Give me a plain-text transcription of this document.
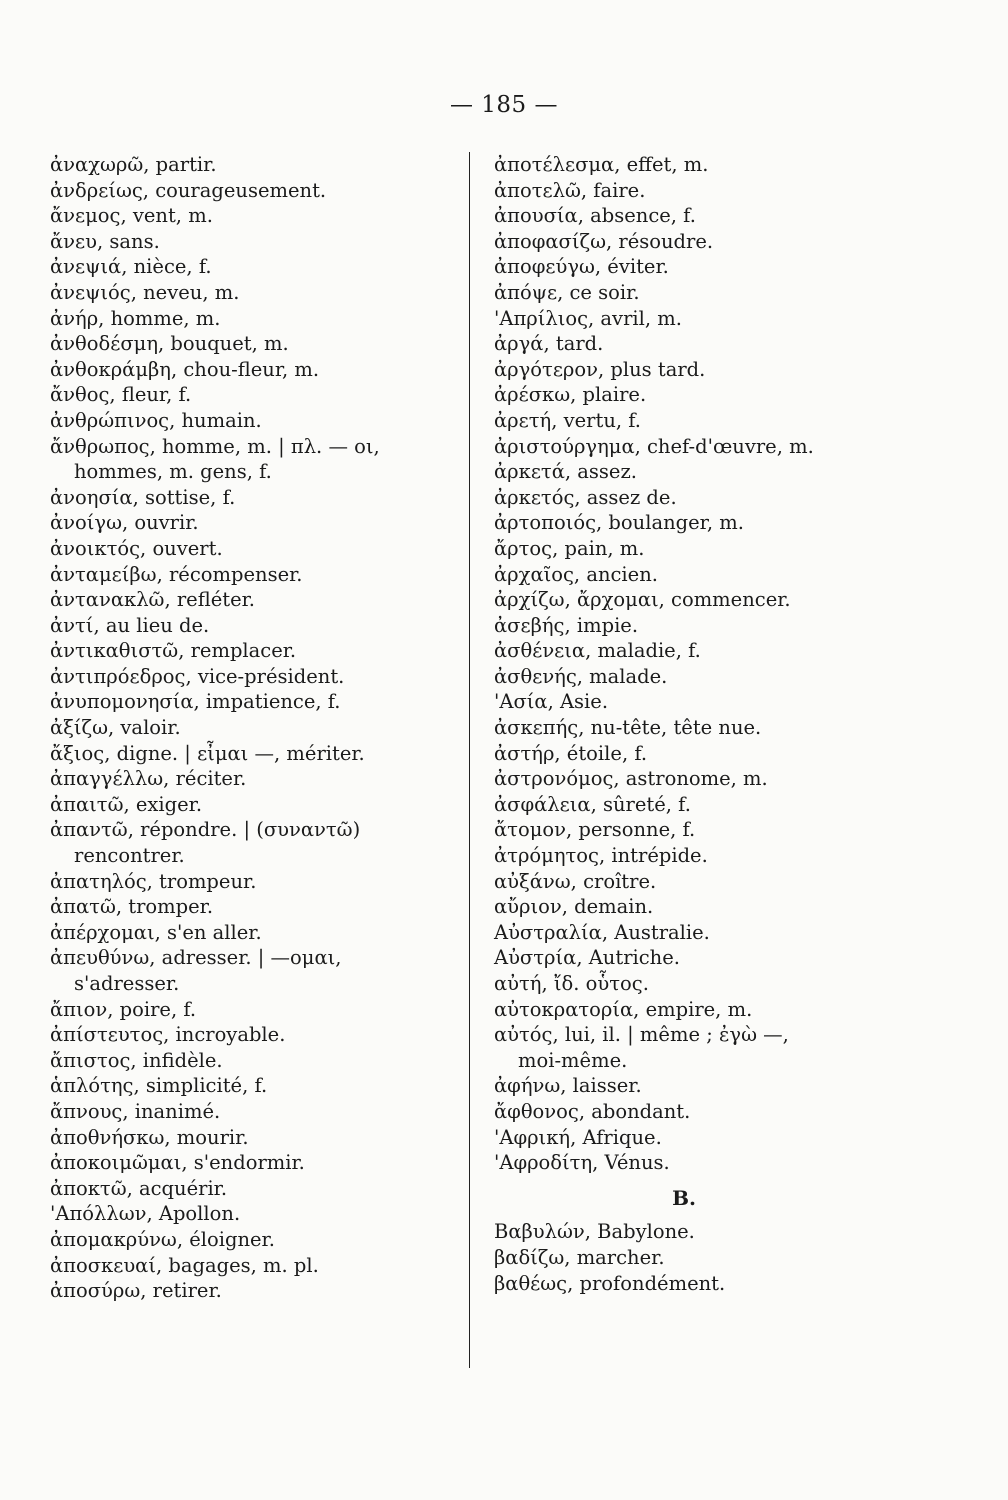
— 185 —
ἀναχωρῶ, partir.
ἀνδρείως, courageusement.
ἄνεμος, vent, m.
ἄνευ, sans.
ἀνεψιά, nièce, f.
ἀνεψιός, neveu, m.
ἀνήρ, homme, m.
ἀνθοδέσμη, bouquet, m.
ἀνθοκράμβη, chou-fleur, m.
ἄνθος, fleur, f.
ἀνθρώπινος, humain.
ἄνθρωπος, homme, m. | πλ. — οι,
hommes, m. gens, f.
ἀνοησία, sottise, f.
ἀνοίγω, ouvrir.
ἀνοικτός, ouvert.
ἀνταμείβω, récompenser.
ἀντανακλῶ, refléter.
ἀντί, au lieu de.
ἀντικαθιστῶ, remplacer.
ἀντιπρόεδρος, vice-président.
ἀνυπομονησία, impatience, f.
ἀξίζω, valoir.
ἄξιος, digne. | εἶμαι —, mériter.
ἀπαγγέλλω, réciter.
ἀπαιτῶ, exiger.
ἀπαντῶ, répondre. | (συναντῶ)
rencontrer.
ἀπατηλός, trompeur.
ἀπατῶ, tromper.
ἀπέρχομαι, s'en aller.
ἀπευθύνω, adresser. | —ομαι,
s'adresser.
ἄπιον, poire, f.
ἀπίστευτος, incroyable.
ἄπιστος, infidèle.
ἁπλότης, simplicité, f.
ἄπνους, inanimé.
ἀποθνήσκω, mourir.
ἀποκοιμῶμαι, s'endormir.
ἀποκτῶ, acquérir.
'Απόλλων, Apollon.
ἀπομακρύνω, éloigner.
ἀποσκευαί, bagages, m. pl.
ἀποσύρω, retirer.
ἀποτέλεσμα, effet, m.
ἀποτελῶ, faire.
ἀπουσία, absence, f.
ἀποφασίζω, résoudre.
ἀποφεύγω, éviter.
ἀπόψε, ce soir.
'Απρίλιος, avril, m.
ἀργά, tard.
ἀργότερον, plus tard.
ἀρέσκω, plaire.
ἀρετή, vertu, f.
ἀριστούργημα, chef-d'œuvre, m.
ἀρκετά, assez.
ἀρκετός, assez de.
ἀρτοποιός, boulanger, m.
ἄρτος, pain, m.
ἀρχαῖος, ancien.
ἀρχίζω, ἄρχομαι, commencer.
ἀσεβής, impie.
ἀσθένεια, maladie, f.
ἀσθενής, malade.
'Ασία, Asie.
ἀσκεπής, nu-tête, tête nue.
ἀστήρ, étoile, f.
ἀστρονόμος, astronome, m.
ἀσφάλεια, sûreté, f.
ἄτομον, personne, f.
ἀτρόμητος, intrépide.
αὐξάνω, croître.
αὔριον, demain.
Αὐστραλία, Australie.
Αὐστρία, Autriche.
αὐτή, ἴδ. οὗτος.
αὐτοκρατορία, empire, m.
αὐτός, lui, il. | même ; ἐγὼ —,
moi-même.
ἀφήνω, laisser.
ἄφθονος, abondant.
'Αφρική, Afrique.
'Αφροδίτη, Vénus.
B.
Βαβυλών, Babylone.
βαδίζω, marcher.
βαθέως, profondément.
